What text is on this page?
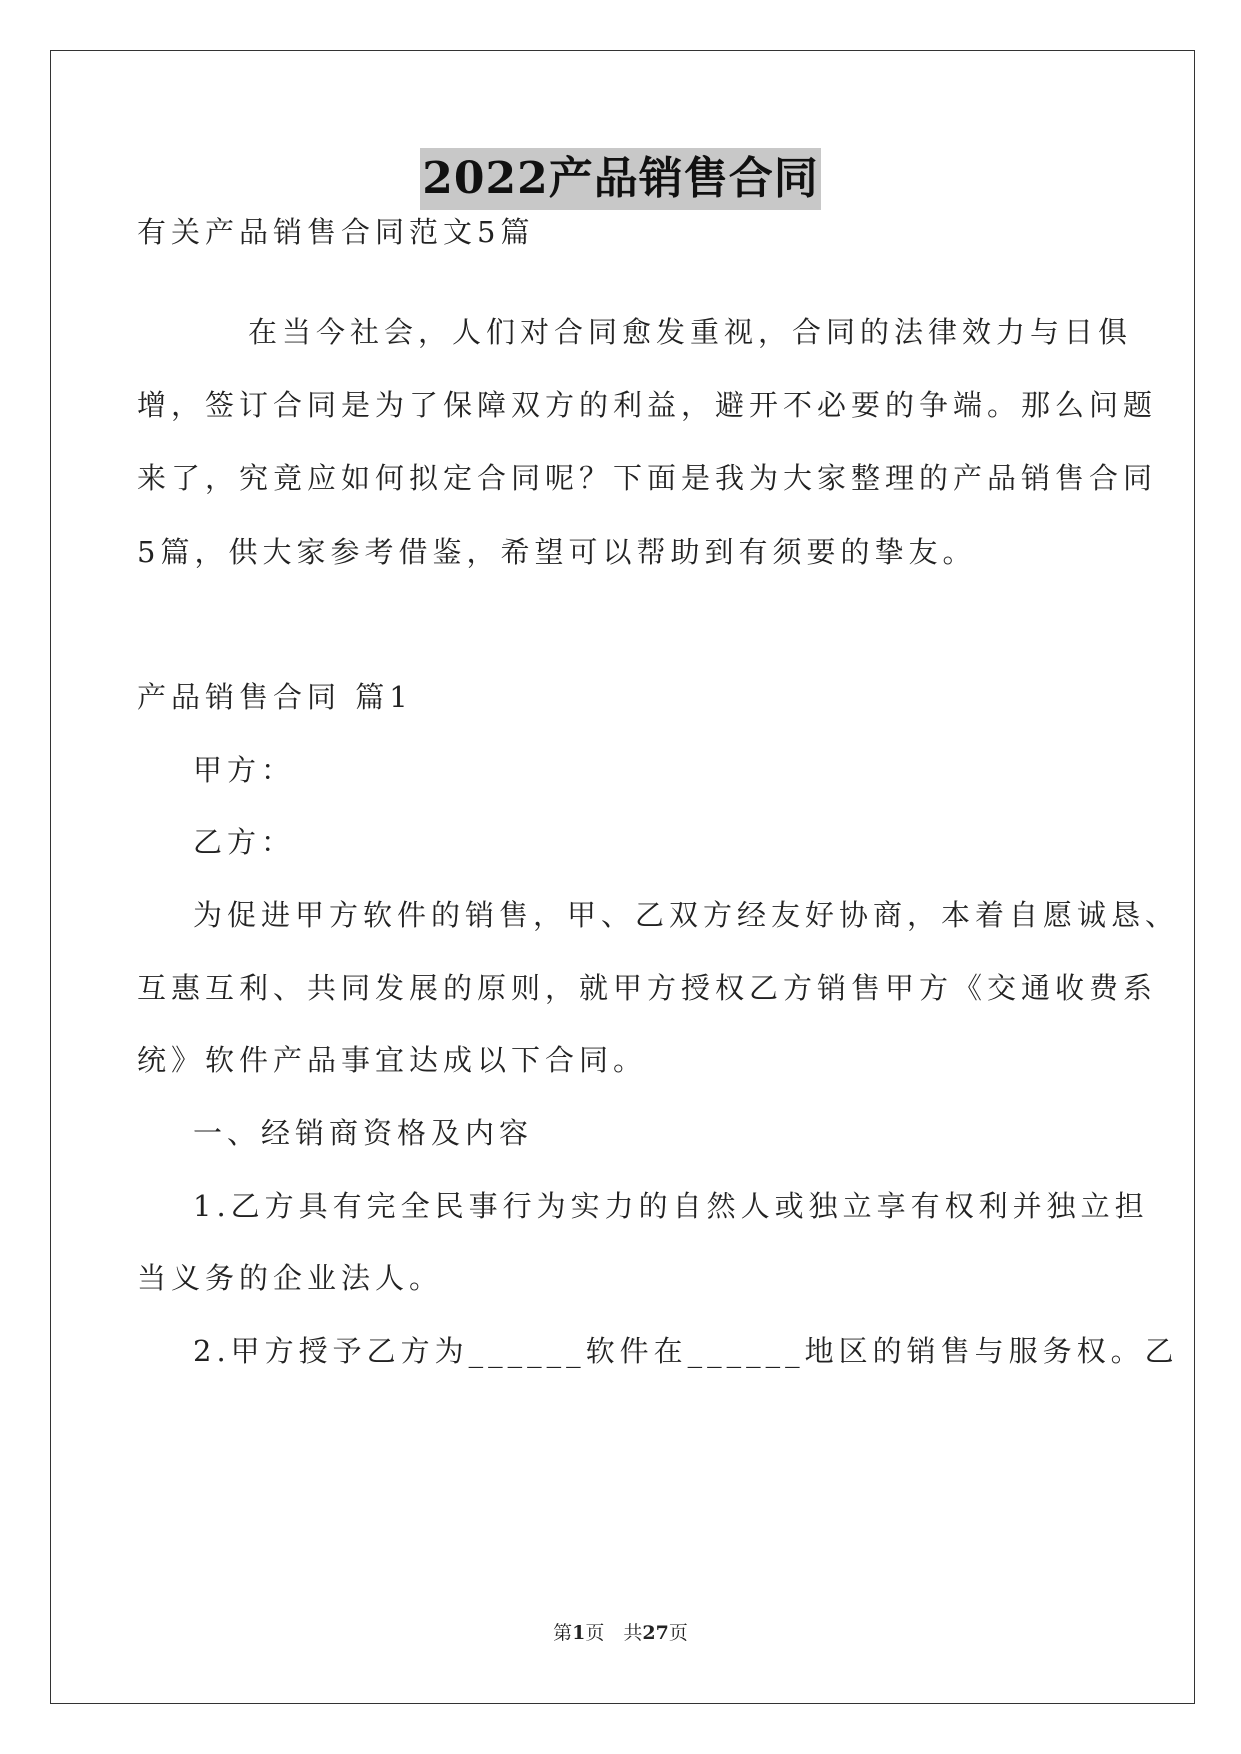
2022产品销售合同
有关产品销售合同范文5篇
在当今社会，人们对合同愈发重视，合同的法律效力与日俱
增，签订合同是为了保障双方的利益，避开不必要的争端。那么问题
来了，究竟应如何拟定合同呢？下面是我为大家整理的产品销售合同
5篇，供大家参考借鉴，希望可以帮助到有须要的挚友。
产品销售合同 篇1
甲方：
乙方：
为促进甲方软件的销售，甲、乙双方经友好协商，本着自愿诚恳、
互惠互利、共同发展的原则，就甲方授权乙方销售甲方《交通收费系
统》软件产品事宜达成以下合同。
一、经销商资格及内容
1.乙方具有完全民事行为实力的自然人或独立享有权利并独立担
当义务的企业法人。
2.甲方授予乙方为______软件在______地区的销售与服务权。乙
第1页　共27页
